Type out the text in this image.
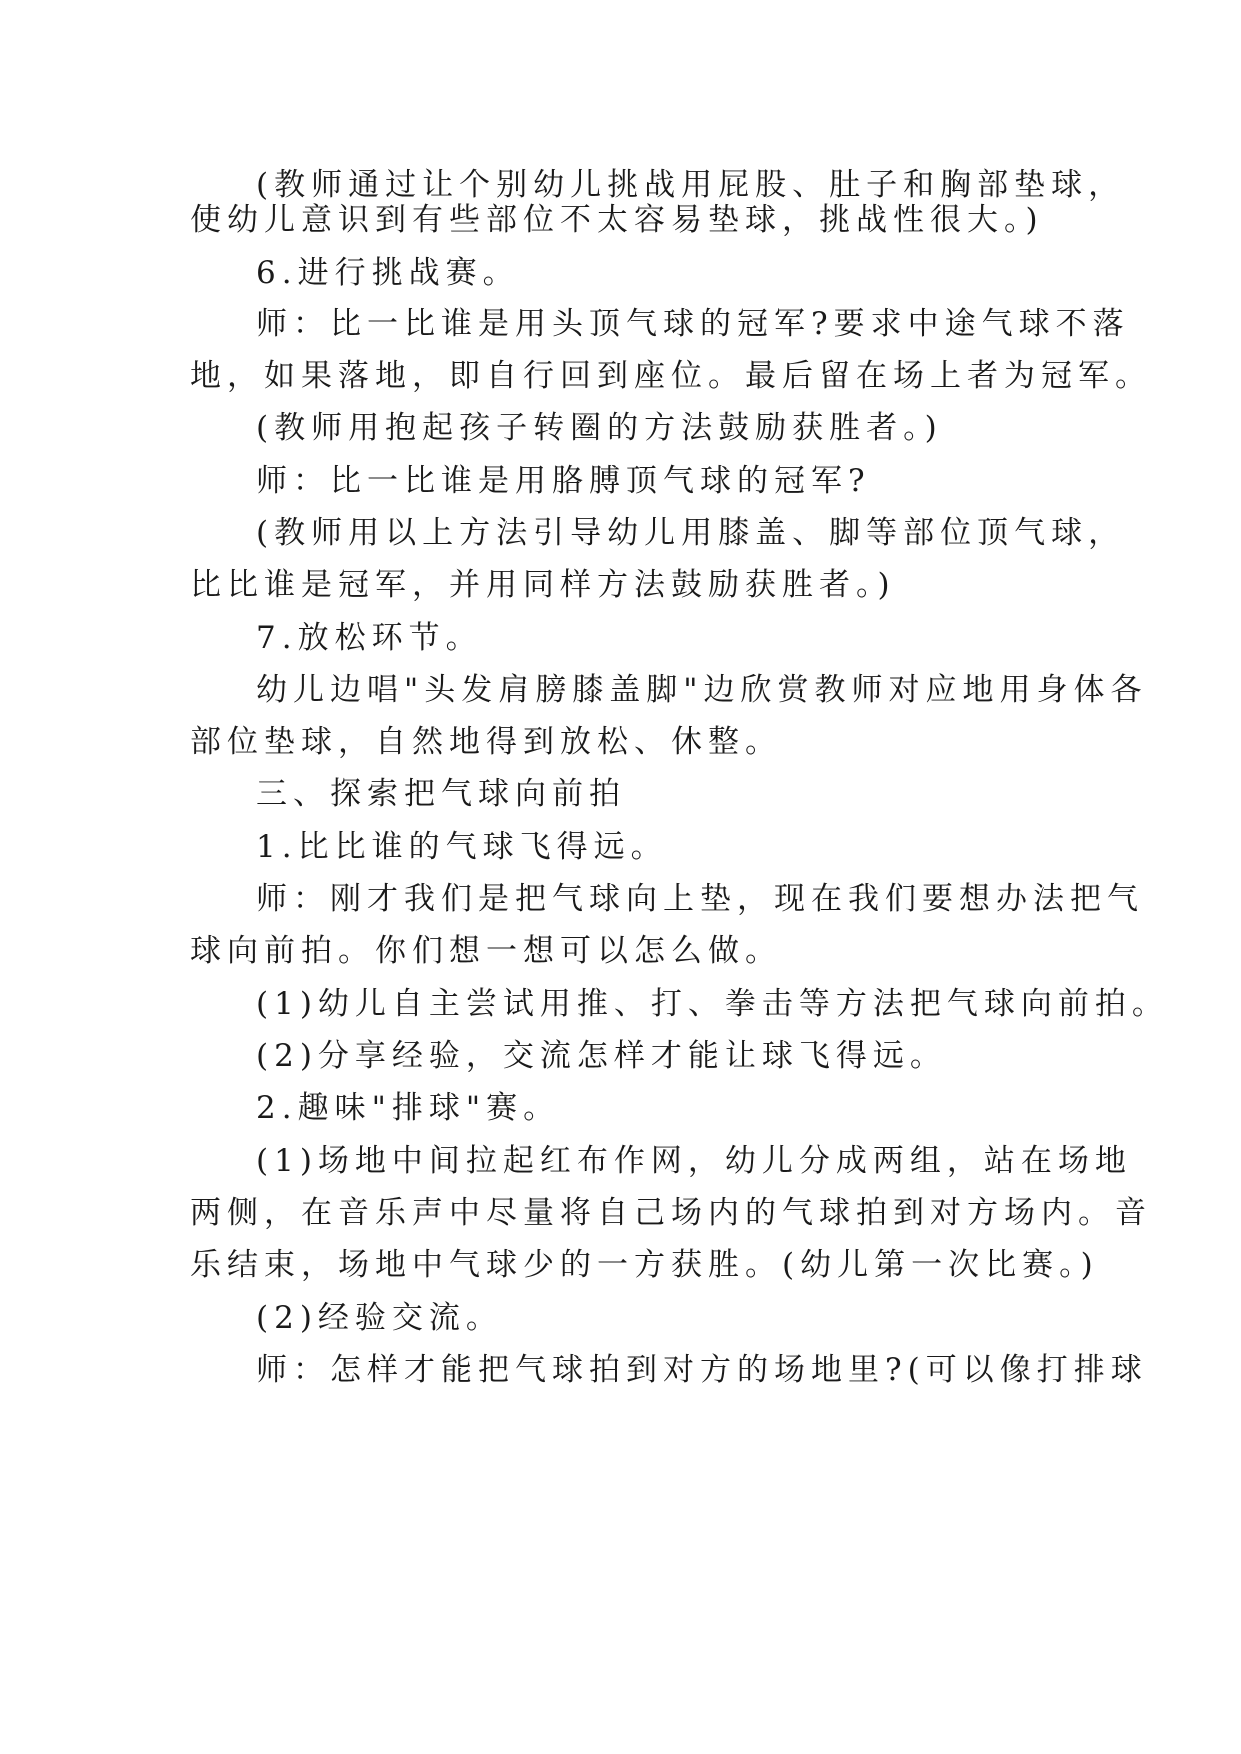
(教师通过让个别幼儿挑战用屁股、肚子和胸部垫球，
使幼儿意识到有些部位不太容易垫球，挑战性很大。)
6.进行挑战赛。
师：比一比谁是用头顶气球的冠军?要求中途气球不落
地，如果落地，即自行回到座位。最后留在场上者为冠军。
(教师用抱起孩子转圈的方法鼓励获胜者。)
师：比一比谁是用胳膊顶气球的冠军?
(教师用以上方法引导幼儿用膝盖、脚等部位顶气球，
比比谁是冠军，并用同样方法鼓励获胜者。)
7.放松环节。
幼儿边唱"头发肩膀膝盖脚"边欣赏教师对应地用身体各
部位垫球，自然地得到放松、休整。
三、探索把气球向前拍
1.比比谁的气球飞得远。
师：刚才我们是把气球向上垫，现在我们要想办法把气
球向前拍。你们想一想可以怎么做。
(1)幼儿自主尝试用推、打、拳击等方法把气球向前拍。
(2)分享经验，交流怎样才能让球飞得远。
2.趣味"排球"赛。
(1)场地中间拉起红布作网，幼儿分成两组，站在场地
两侧，在音乐声中尽量将自己场内的气球拍到对方场内。音
乐结束，场地中气球少的一方获胜。(幼儿第一次比赛。)
(2)经验交流。
师：怎样才能把气球拍到对方的场地里?(可以像打排球
